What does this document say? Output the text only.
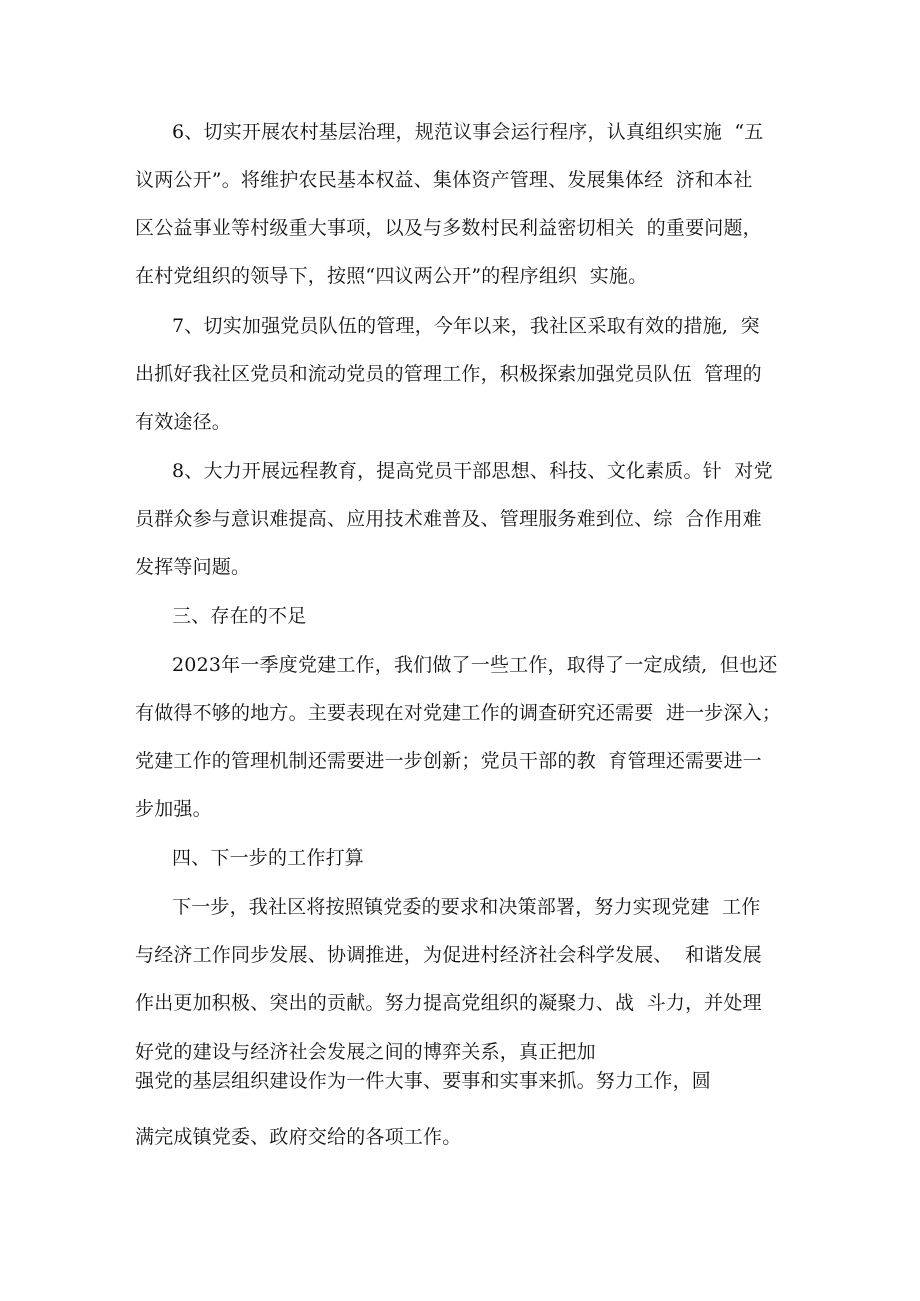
6、切实开展农村基层治理，规范议事会运行程序，认真组织实施  “五
议两公开”。将维护农民基本权益、集体资产管理、发展集体经  济和本社
区公益事业等村级重大事项，以及与多数村民利益密切相关  的重要问题，
在村党组织的领导下，按照“四议两公开”的程序组织  实施。
7、切实加强党员队伍的管理，今年以来，我社区采取有效的措施,  突
出抓好我社区党员和流动党员的管理工作，积极探索加强党员队伍  管理的
有效途径。
8、大力开展远程教育，提高党员干部思想、科技、文化素质。针  对党
员群众参与意识难提高、应用技术难普及、管理服务难到位、综  合作用难
发挥等问题。
三、存在的不足
2023年一季度党建工作，我们做了一些工作，取得了一定成绩,  但也还
有做得不够的地方。主要表现在对党建工作的调查研究还需要  进一步深入；
党建工作的管理机制还需要进一步创新；党员干部的教  育管理还需要进一
步加强。
四、下一步的工作打算
下一步，我社区将按照镇党委的要求和决策部署，努力实现党建  工作
与经济工作同步发展、协调推进，为促进村经济社会科学发展、  和谐发展
作出更加积极、突出的贡献。努力提高党组织的凝聚力、战  斗力，并处理
好党的建设与经济社会发展之间的博弈关系，真正把加
强党的基层组织建设作为一件大事、要事和实事来抓。努力工作，圆
满完成镇党委、政府交给的各项工作。
